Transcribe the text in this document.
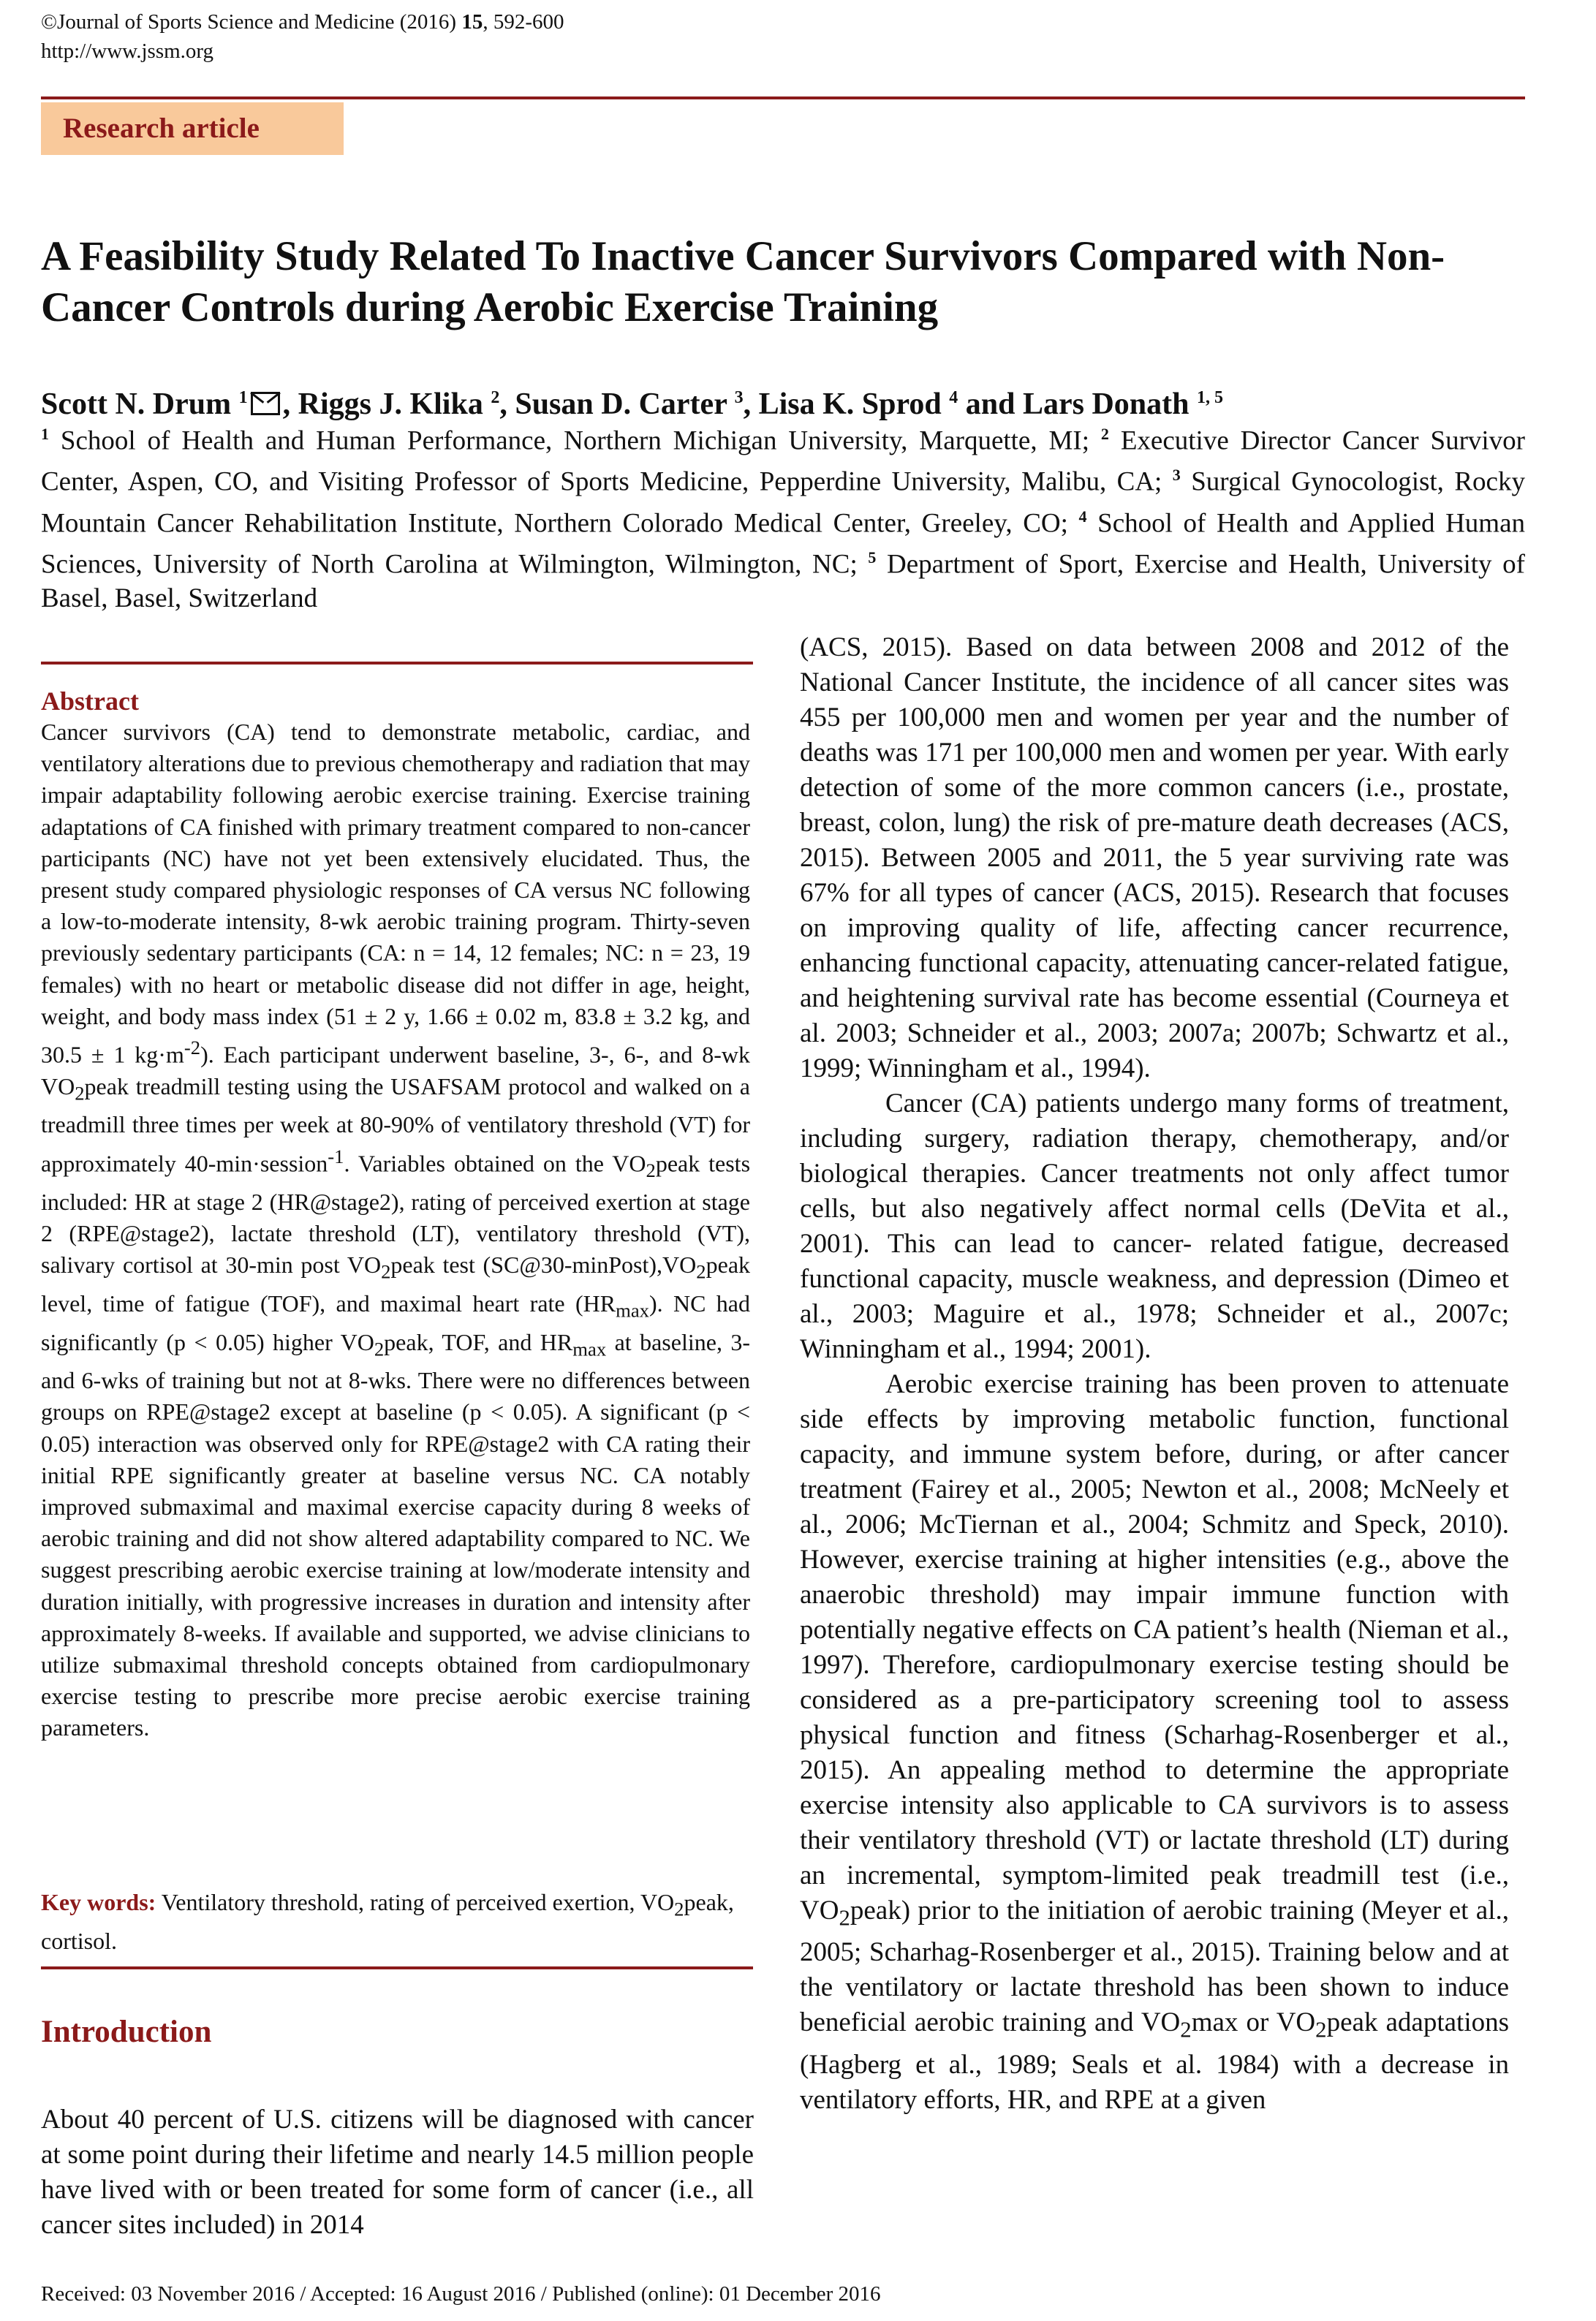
©Journal of Sports Science and Medicine (2016) 15, 592-600
http://www.jssm.org
Research article
A Feasibility Study Related To Inactive Cancer Survivors Compared with Non-Cancer Controls during Aerobic Exercise Training
Scott N. Drum $^1$ , Riggs J. Klika $^2$, Susan D. Carter $^3$, Lisa K. Sprod $^4$ and Lars Donath $^{1, 5}$
$^1$ School of Health and Human Performance, Northern Michigan University, Marquette, MI; $^2$ Executive Director Cancer Survivor Center, Aspen, CO, and Visiting Professor of Sports Medicine, Pepperdine University, Malibu, CA; $^3$ Surgical Gynocologist, Rocky Mountain Cancer Rehabilitation Institute, Northern Colorado Medical Center, Greeley, CO; $^4$ School of Health and Applied Human Sciences, University of North Carolina at Wilmington, Wilmington, NC; $^5$ Department of Sport, Exercise and Health, University of Basel, Basel, Switzerland
Abstract
Cancer survivors (CA) tend to demonstrate metabolic, cardiac, and ventilatory alterations due to previous chemotherapy and radiation that may impair adaptability following aerobic exercise training. Exercise training adaptations of CA finished with primary treatment compared to non-cancer participants (NC) have not yet been extensively elucidated. Thus, the present study compared physiologic responses of CA versus NC following a low-to-moderate intensity, 8-wk aerobic training program. Thirty-seven previously sedentary participants (CA: n = 14, 12 females; NC: n = 23, 19 females) with no heart or metabolic disease did not differ in age, height, weight, and body mass index (51 ± 2 y, 1.66 ± 0.02 m, 83.8 ± 3.2 kg, and 30.5 ± 1 $kg\cdot m^{-2}$). Each participant underwent baseline, 3-, 6-, and 8-wk $VO_2peak$ treadmill testing using the USAFSAM protocol and walked on a treadmill three times per week at 80-90% of ventilatory threshold (VT) for approximately 40-min·session$^{-1}$. Variables obtained on the $VO_2peak$ tests included: HR at stage 2 (HR@stage2), rating of perceived exertion at stage 2 (RPE@stage2), lactate threshold (LT), ventilatory threshold (VT), salivary cortisol at 30-min post $VO_2peak$ test $(SC@30-minPost),VO_2peak$ level, time of fatigue (TOF), and maximal heart rate $(HR_{max})$. NC had significantly (p < 0.05) higher $VO_2peak$, TOF, and $HR_{max}$ at baseline, 3- and 6-wks of training but not at 8-wks. There were no differences between groups on RPE@stage2 except at baseline (p < 0.05). A significant (p < 0.05) interaction was observed only for RPE@stage2 with CA rating their initial RPE significantly greater at baseline versus NC. CA notably improved submaximal and maximal exercise capacity during 8 weeks of aerobic training and did not show altered adaptability compared to NC. We suggest prescribing aerobic exercise training at low/moderate intensity and duration initially, with progressive increases in duration and intensity after approximately 8-weeks. If available and supported, we advise clinicians to utilize submaximal threshold concepts obtained from cardiopulmonary exercise testing to prescribe more precise aerobic exercise training parameters.
Key words: Ventilatory threshold, rating of perceived exertion, $VO_2peak$, cortisol.
Introduction
About 40 percent of U.S. citizens will be diagnosed with cancer at some point during their lifetime and nearly 14.5 million people have lived with or been treated for some form of cancer (i.e., all cancer sites included) in 2014

(ACS, 2015). Based on data between 2008 and 2012 of the National Cancer Institute, the incidence of all cancer sites was 455 per 100,000 men and women per year and the number of deaths was 171 per 100,000 men and women per year. With early detection of some of the more common cancers (i.e., prostate, breast, colon, lung) the risk of pre-mature death decreases (ACS, 2015). Between 2005 and 2011, the 5 year surviving rate was 67% for all types of cancer (ACS, 2015). Research that focuses on improving quality of life, affecting cancer recurrence, enhancing functional capacity, attenuating cancer-related fatigue, and heightening survival rate has become essential (Courneya et al. 2003; Schneider et al., 2003; 2007a; 2007b; Schwartz et al., 1999; Winningham et al., 1994).

Cancer (CA) patients undergo many forms of treatment, including surgery, radiation therapy, chemotherapy, and/or biological therapies. Cancer treatments not only affect tumor cells, but also negatively affect normal cells (DeVita et al., 2001). This can lead to cancer- related fatigue, decreased functional capacity, muscle weakness, and depression (Dimeo et al., 2003; Maguire et al., 1978; Schneider et al., 2007c; Winningham et al., 1994; 2001).

Aerobic exercise training has been proven to attenuate side effects by improving metabolic function, functional capacity, and immune system before, during, or after cancer treatment (Fairey et al., 2005; Newton et al., 2008; McNeely et al., 2006; McTiernan et al., 2004; Schmitz and Speck, 2010). However, exercise training at higher intensities (e.g., above the anaerobic threshold) may impair immune function with potentially negative effects on CA patient’s health (Nieman et al., 1997). Therefore, cardiopulmonary exercise testing should be considered as a pre-participatory screening tool to assess physical function and fitness (Scharhag-Rosenberger et al., 2015). An appealing method to determine the appropriate exercise intensity also applicable to CA survivors is to assess their ventilatory threshold (VT) or lactate threshold (LT) during an incremental, symptom-limited peak treadmill test (i.e., $VO_2peak$) prior to the initiation of aerobic training (Meyer et al., 2005; Scharhag-Rosenberger et al., 2015). Training below and at the ventilatory or lactate threshold has been shown to induce beneficial aerobic training and $VO_2\max$ or $VO_2peak$ adaptations (Hagberg et al., 1989; Seals et al. 1984) with a decrease in ventilatory efforts, HR, and RPE at a given

Received: 03 November 2016 / Accepted: 16 August 2016 / Published (online): 01 December 2016
